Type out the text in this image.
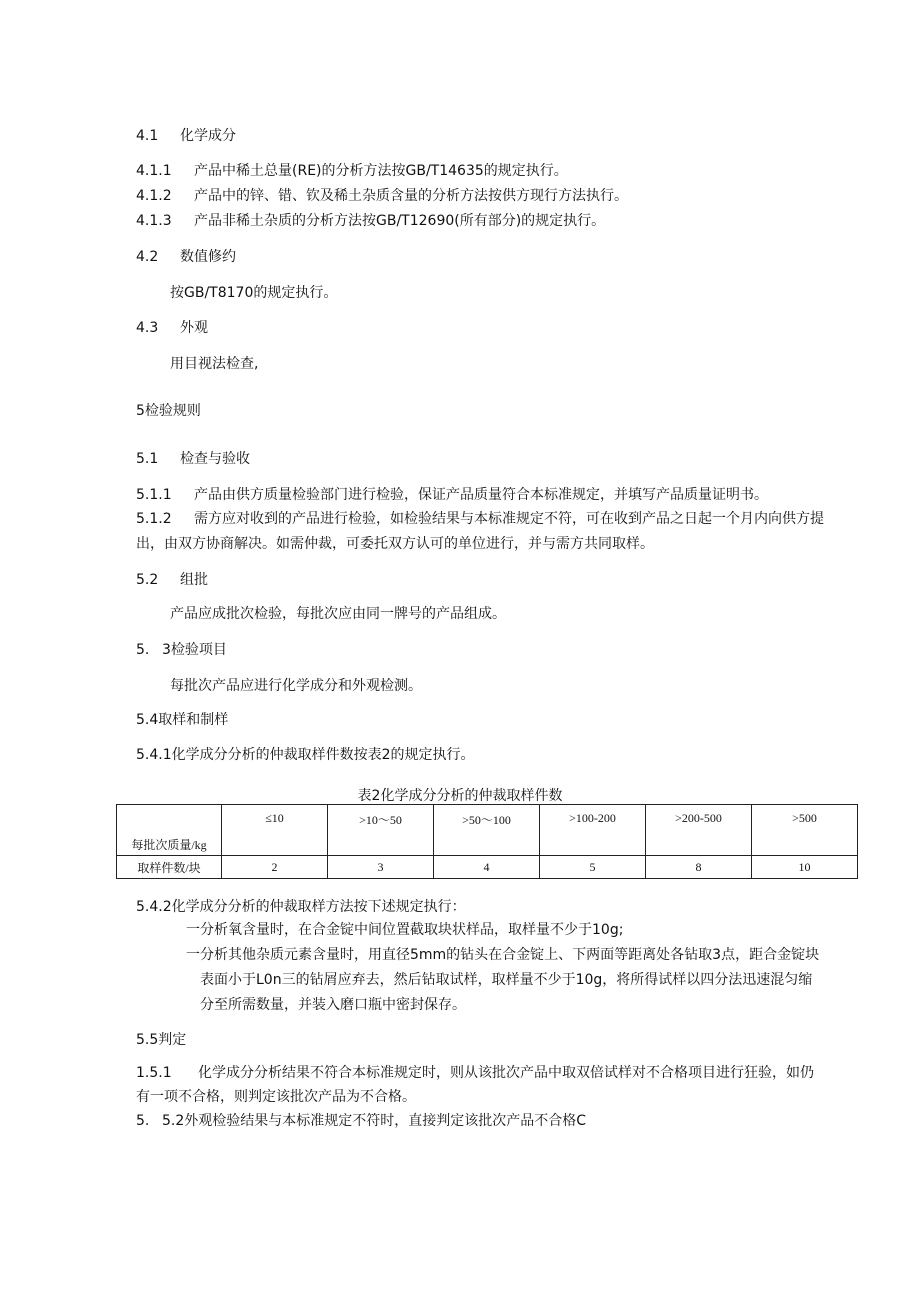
4.1 化学成分
4.1.1 产品中稀土总量(RE)的分析方法按GB/T14635的规定执行。
4.1.2 产品中的锌、错、钦及稀土杂质含量的分析方法按供方现行方法执行。
4.1.3 产品非稀土杂质的分析方法按GB/T12690(所有部分)的规定执行。
4.2 数值修约
按GB/T8170的规定执行。
4.3 外观
用目视法检查,
5检验规则
5.1 检查与验收
5.1.1 产品由供方质量检验部门进行检验，保证产品质量符合本标准规定，并填写产品质量证明书。
5.1.2 需方应对收到的产品进行检验，如检验结果与本标准规定不符，可在收到产品之日起一个月内向供方提
出，由双方协商解决。如需仲裁，可委托双方认可的单位进行，并与需方共同取样。
5.2 组批
产品应成批次检验，每批次应由同一牌号的产品组成。
5. 3检验项目
每批次产品应进行化学成分和外观检测。
5.4取样和制样
5.4.1化学成分分析的仲裁取样件数按表2的规定执行。
表2化学成分分析的仲裁取样件数
每批次质量/kg	≤10	>10～50	>50～100	>100-200	>200-500	>500
取样件数/块	2	3	4	5	8	10
5.4.2化学成分分析的仲裁取样方法按下述规定执行：
一分析氧含量时，在合金锭中间位置截取块状样品，取样量不少于10g;
一分析其他杂质元素含量时，用直径5mm的钻头在合金锭上、下两面等距离处各钻取3点，距合金锭块
表面小于L0n三的钻屑应弃去，然后钻取试样，取样量不少于10g，将所得试样以四分法迅速混匀缩
分至所需数量，并装入磨口瓶中密封保存。
5.5判定
1.5.1 化学成分分析结果不符合本标准规定时，则从该批次产品中取双倍试样对不合格项目进行狂验，如仍
有一项不合格，则判定该批次产品为不合格。
5. 5.2外观检验结果与本标准规定不符时，直接判定该批次产品不合格C
